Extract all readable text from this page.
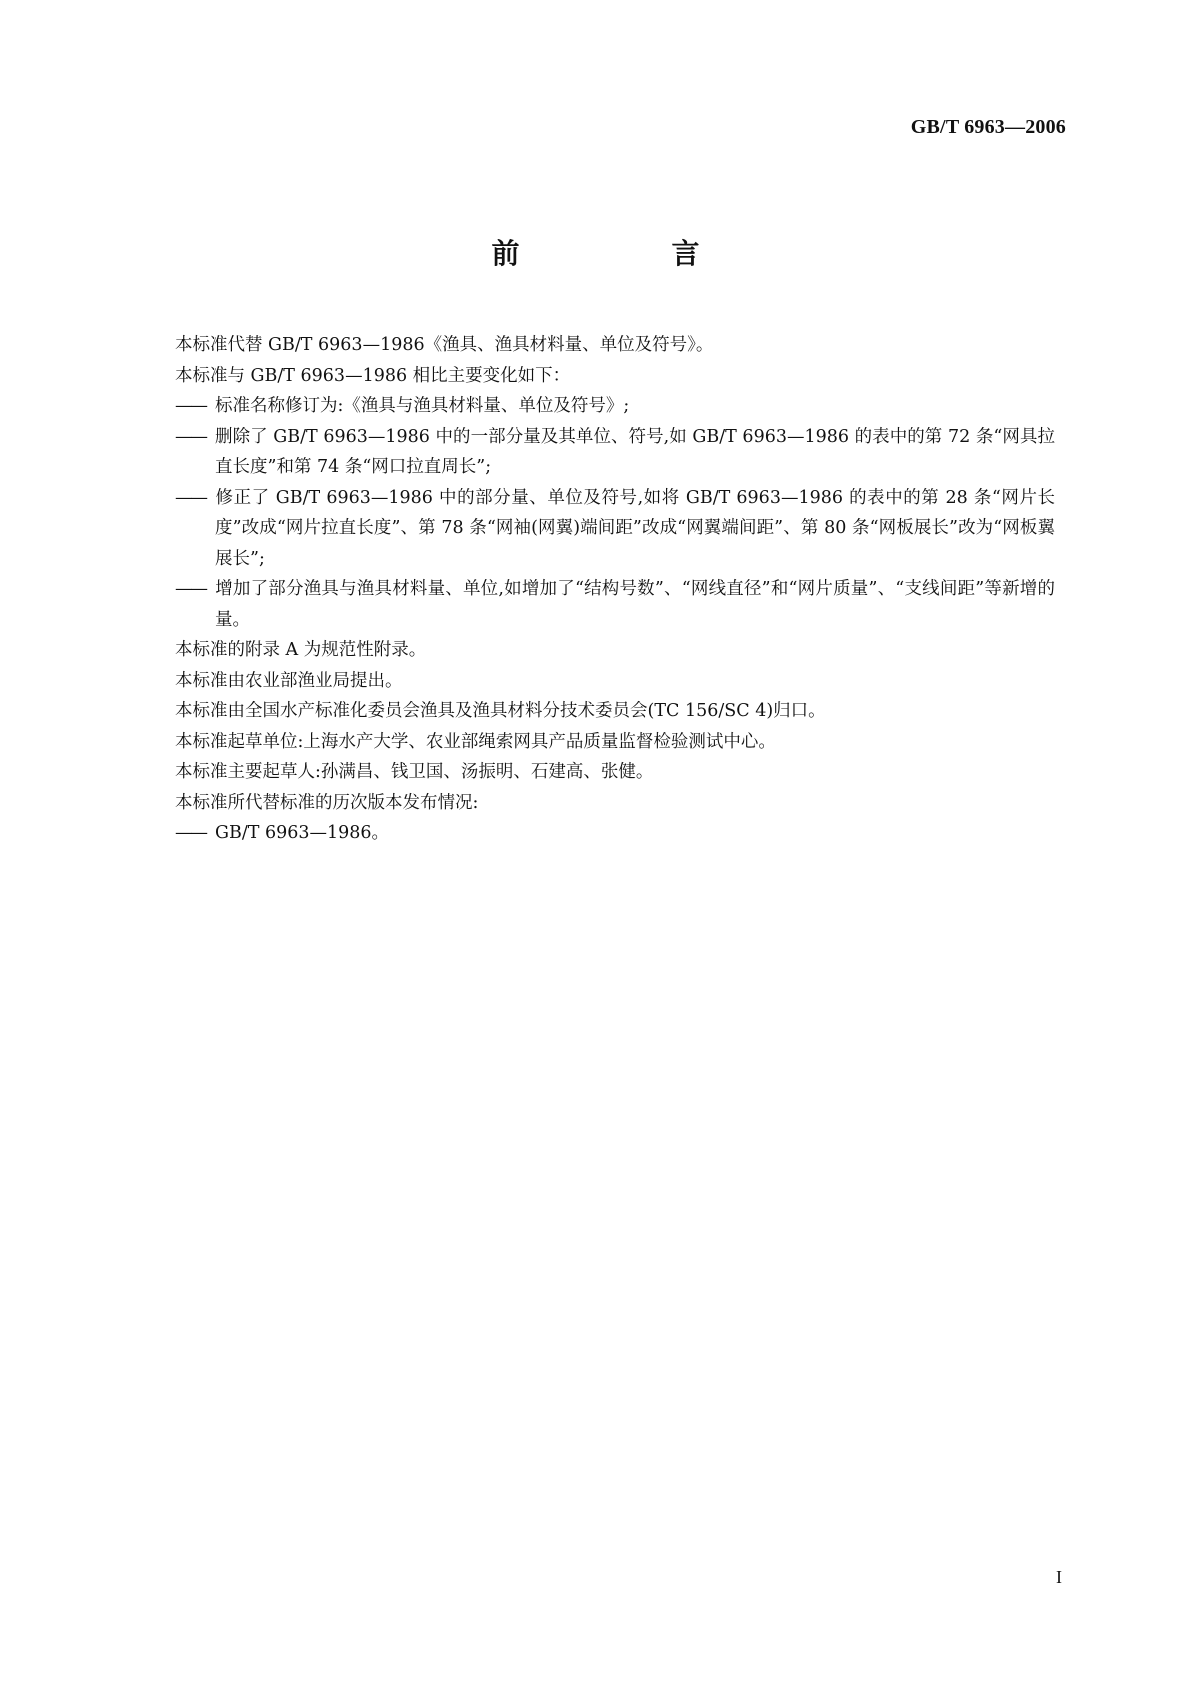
GB/T 6963—2006
前　言

本标准代替 GB/T 6963—1986《渔具、渔具材料量、单位及符号》。

本标准与 GB/T 6963—1986 相比主要变化如下：

—— 标准名称修订为:《渔具与渔具材料量、单位及符号》;

—— 删除了 GB/T 6963—1986 中的一部分量及其单位、符号,如 GB/T 6963—1986 的表中的第 72 条“网具拉直长度”和第 74 条“网口拉直周长”;

—— 修正了 GB/T 6963—1986 中的部分量、单位及符号,如将 GB/T 6963—1986 的表中的第 28 条“网片长度”改成“网片拉直长度”、第 78 条“网袖(网翼)端间距”改成“网翼端间距”、第 80 条“网板展长”改为“网板翼展长”;

—— 增加了部分渔具与渔具材料量、单位,如增加了“结构号数”、“网线直径”和“网片质量”、“支线间距”等新增的量。

本标准的附录 A 为规范性附录。

本标准由农业部渔业局提出。

本标准由全国水产标准化委员会渔具及渔具材料分技术委员会(TC 156/SC 4)归口。

本标准起草单位:上海水产大学、农业部绳索网具产品质量监督检验测试中心。

本标准主要起草人:孙满昌、钱卫国、汤振明、石建高、张健。

本标准所代替标准的历次版本发布情况:

—— GB/T 6963—1986。

I
